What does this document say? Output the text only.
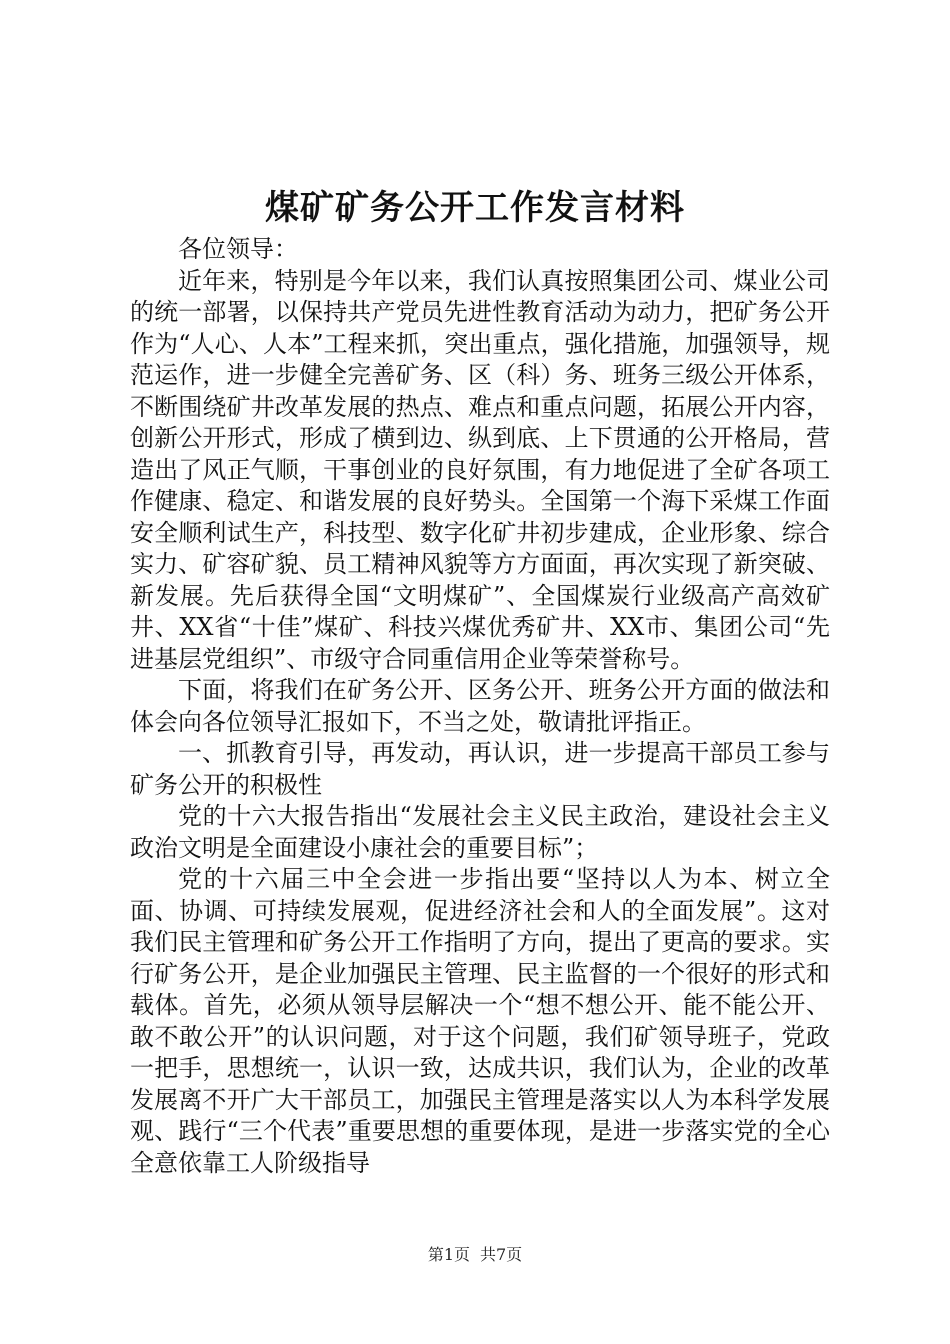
煤矿矿务公开工作发言材料

各位领导：

近年来，特别是今年以来，我们认真按照集团公司、煤业公司的统一部署，以保持共产党员先进性教育活动为动力，把矿务公开作为“人心、人本”工程来抓，突出重点，强化措施，加强领导，规范运作，进一步健全完善矿务、区（科）务、班务三级公开体系，不断围绕矿井改革发展的热点、难点和重点问题，拓展公开内容，创新公开形式，形成了横到边、纵到底、上下贯通的公开格局，营造出了风正气顺，干事创业的良好氛围，有力地促进了全矿各项工作健康、稳定、和谐发展的良好势头。全国第一个海下采煤工作面安全顺利试生产，科技型、数字化矿井初步建成，企业形象、综合实力、矿容矿貌、员工精神风貌等方方面面，再次实现了新突破、新发展。先后获得全国“文明煤矿”、全国煤炭行业级高产高效矿井、XX省“十佳”煤矿、科技兴煤优秀矿井、XX市、集团公司“先进基层党组织”、市级守合同重信用企业等荣誉称号。

下面，将我们在矿务公开、区务公开、班务公开方面的做法和体会向各位领导汇报如下，不当之处，敬请批评指正。

一、抓教育引导，再发动，再认识，进一步提高干部员工参与矿务公开的积极性

党的十六大报告指出“发展社会主义民主政治，建设社会主义政治文明是全面建设小康社会的重要目标”；

党的十六届三中全会进一步指出要“坚持以人为本、树立全面、协调、可持续发展观，促进经济社会和人的全面发展”。这对我们民主管理和矿务公开工作指明了方向，提出了更高的要求。实行矿务公开，是企业加强民主管理、民主监督的一个很好的形式和载体。首先，必须从领导层解决一个“想不想公开、能不能公开、敢不敢公开”的认识问题，对于这个问题，我们矿领导班子，党政一把手，思想统一，认识一致，达成共识，我们认为，企业的改革发展离不开广大干部员工，加强民主管理是落实以人为本科学发展观、践行“三个代表”重要思想的重要体现，是进一步落实党的全心全意依靠工人阶级指导

第1页 共7页
